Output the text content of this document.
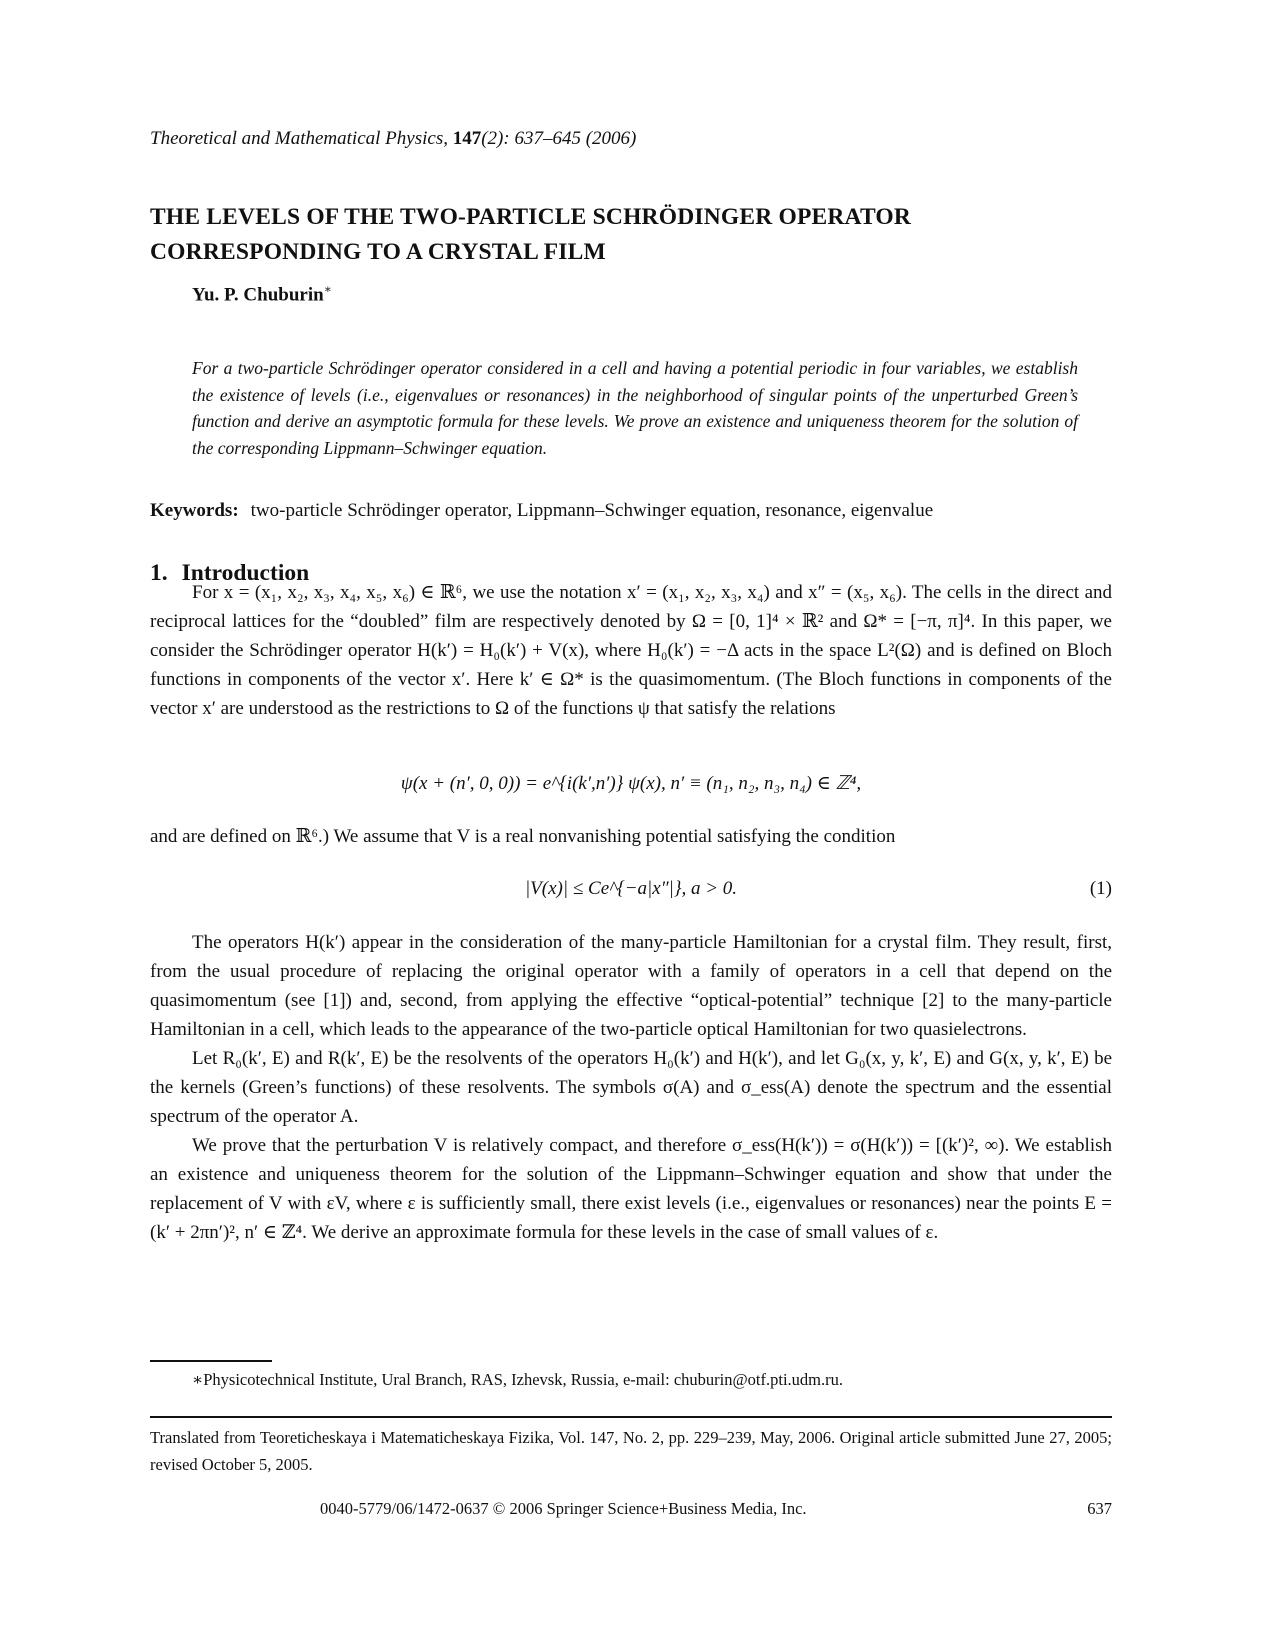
Theoretical and Mathematical Physics, 147(2): 637–645 (2006)
THE LEVELS OF THE TWO-PARTICLE SCHRÖDINGER OPERATOR
CORRESPONDING TO A CRYSTAL FILM
Yu. P. Chuburin∗
For a two-particle Schrödinger operator considered in a cell and having a potential periodic in four variables, we establish the existence of levels (i.e., eigenvalues or resonances) in the neighborhood of singular points of the unperturbed Green’s function and derive an asymptotic formula for these levels. We prove an existence and uniqueness theorem for the solution of the corresponding Lippmann–Schwinger equation.
Keywords: two-particle Schrödinger operator, Lippmann–Schwinger equation, resonance, eigenvalue
1. Introduction

For x = (x₁, x₂, x₃, x₄, x₅, x₆) ∈ ℝ⁶, we use the notation x′ = (x₁, x₂, x₃, x₄) and x″ = (x₅, x₆). The cells in the direct and reciprocal lattices for the “doubled” film are respectively denoted by Ω = [0, 1]⁴ × ℝ² and Ω* = [−π, π]⁴. In this paper, we consider the Schrödinger operator H(k′) = H₀(k′) + V(x), where H₀(k′) = −Δ acts in the space L²(Ω) and is defined on Bloch functions in components of the vector x′. Here k′ ∈ Ω* is the quasimomentum. (The Bloch functions in components of the vector x′ are understood as the restrictions to Ω of the functions ψ that satisfy the relations

ψ(x + (n′, 0, 0)) = e^{i(k′,n′)} ψ(x), n′ ≡ (n₁, n₂, n₃, n₄) ∈ ℤ⁴,

and are defined on ℝ⁶.) We assume that V is a real nonvanishing potential satisfying the condition

|V(x)| ≤ Ce^{−a|x″|}, a > 0.	(1)

The operators H(k′) appear in the consideration of the many-particle Hamiltonian for a crystal film. They result, first, from the usual procedure of replacing the original operator with a family of operators in a cell that depend on the quasimomentum (see [1]) and, second, from applying the effective “optical-potential” technique [2] to the many-particle Hamiltonian in a cell, which leads to the appearance of the two-particle optical Hamiltonian for two quasielectrons.

Let R₀(k′, E) and R(k′, E) be the resolvents of the operators H₀(k′) and H(k′), and let G₀(x, y, k′, E) and G(x, y, k′, E) be the kernels (Green’s functions) of these resolvents. The symbols σ(A) and σ_ess(A) denote the spectrum and the essential spectrum of the operator A.

We prove that the perturbation V is relatively compact, and therefore σ_ess(H(k′)) = σ(H(k′)) = [(k′)², ∞). We establish an existence and uniqueness theorem for the solution of the Lippmann–Schwinger equation and show that under the replacement of V with εV, where ε is sufficiently small, there exist levels (i.e., eigenvalues or resonances) near the points E = (k′ + 2πn′)², n′ ∈ ℤ⁴. We derive an approximate formula for these levels in the case of small values of ε.

∗Physicotechnical Institute, Ural Branch, RAS, Izhevsk, Russia, e-mail: chuburin@otf.pti.udm.ru.
Translated from Teoreticheskaya i Matematicheskaya Fizika, Vol. 147, No. 2, pp. 229–239, May, 2006. Original article submitted June 27, 2005; revised October 5, 2005.
0040-5779/06/1472-0637 © 2006 Springer Science+Business Media, Inc.	637
